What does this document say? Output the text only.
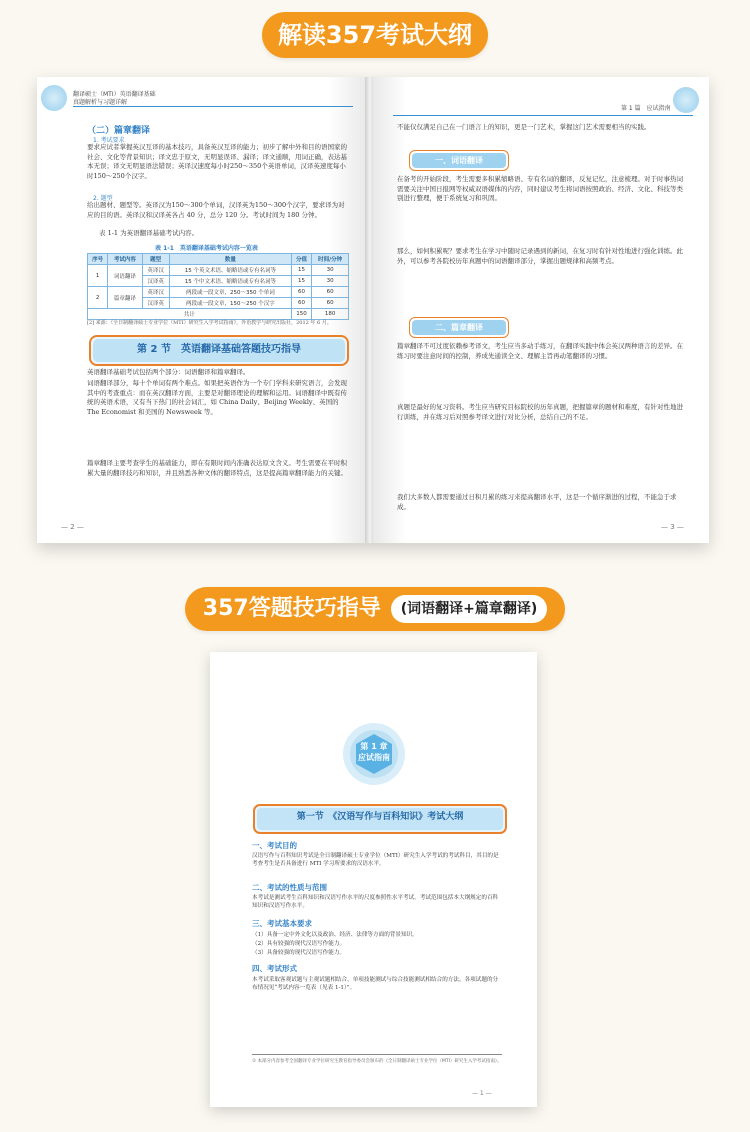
解读357考试大纲
翻译硕士（MTI）英语翻译基础
真题解析与习题详解
（二）篇章翻译
1. 考试要求
要求应试者掌握英汉互译的基本技巧，具备英汉互译的能力；初步了解中外和目的语国家的社会、文化等背景知识；译文忠于原文，无明显误译、漏译；译文通顺，用词正确，表达基本无误；译文无明显语法错误；英译汉速度每小时250～350个英语单词，汉译英速度每小时150～250个汉字。
2. 题型
给出题材、题型等。英译汉为150～300个单词，汉译英为150～300个汉字，要求译为对应的目的语。英译汉和汉译英各占 40 分，总分 120 分。考试时间为 180 分钟。
表 1-1 为英语翻译基础考试内容。
表 1-1　英语翻译基础考试内容一览表
序号	考试内容	题型	数量	分值	时间/分钟
1	词语翻译	英译汉	15 个英文术语、缩略语或专有名词等	15	30
		汉译英	15 个中文术语、缩略语或专有名词等	15	30
2	篇章翻译	英译汉	两段或一段文章，250～350 个单词	60	60
		汉译英	两段或一段文章，150～250 个汉字	60	60
共计				150	180
[2] 来源：《全日制翻译硕士专业学位（MTI）研究生入学考试指南》，外语教学与研究出版社，2012 年 6 月。
第 2 节　英语翻译基础答题技巧指导
英语翻译基础考试包括两个部分：词语翻译和篇章翻译。
词语翻译部分，每十个单词有两个难点。如果把英语作为一个专门学科来研究语言，会发现其中的考查重点：而在英汉翻译方面，主要是对翻译理论的理解和运用。词语翻译中既有传统的英语术语，又有当下热门的社会词汇，如 China Daily、Beijing Weekly、英国的 The Economist 和美国的 Newsweek 等。
篇章翻译主要考查学生的基础能力，即在有限时间内准确表达原文含义。考生需要在平时积累大量的翻译技巧和知识，并且熟悉各种文体的翻译特点，这是提高篇章翻译能力的关键。
— 2 —
第 1 篇　应试指南
不能仅仅满足自己在一门语言上的知识，更是一门艺术，掌握这门艺术需要相当的实践。
一、词语翻译
在备考的开始阶段，考生需要多积累缩略语、专有名词的翻译，反复记忆，注意梳理。对于时事热词需要关注中国日报网等权威双语媒体的内容，同时建议考生将词语按照政治、经济、文化、科技等类别进行整理，便于系统复习和巩固。
那么，如何积累呢？要求考生在学习中随时记录遇到的新词，在复习时有针对性地进行强化训练。此外，可以参考各院校历年真题中的词语翻译部分，掌握出题规律和高频考点。
二、篇章翻译
篇章翻译不可过度依赖参考译文，考生应当多动手练习，在翻译实践中体会英汉两种语言的差异。在练习时要注意时间的控制，养成先通读全文、理解主旨再动笔翻译的习惯。
真题是最好的复习资料。考生应当研究目标院校的历年真题，把握篇章的题材和难度，有针对性地进行训练，并在练习后对照参考译文进行对比分析，总结自己的不足。
我们大多数人都需要通过日积月累的练习来提高翻译水平，这是一个循序渐进的过程，不能急于求成。
— 3 —
357答题技巧指导 (词语翻译+篇章翻译)
第 1 章
应试指南
第一节　《汉语写作与百科知识》考试大纲
一、考试目的
汉语写作与百科知识考试是全日制翻译硕士专业学位（MTI）研究生入学考试的考试科目，其目的是考查考生是否具备进行 MTI 学习所要求的汉语水平。
二、考试的性质与范围
本考试是测试考生百科知识和汉语写作水平的尺度参照性水平考试。考试范围包括本大纲规定的百科知识和汉语写作水平。
三、考试基本要求
（1）具备一定中外文化以及政治、经济、法律等方面的背景知识。
（2）具有较强的现代汉语写作能力。
（3）具备较强的现代汉语写作能力。
四、考试形式
本考试采取客观试题与主观试题相结合，单项技能测试与综合技能测试相结合的方法。各项试题的分布情况见“考试内容一览表（见表 1-1）”。
① 本部分内容参考全国翻译专业学位研究生教育指导委员会颁布的《全日制翻译硕士专业学位（MTI）研究生入学考试指南》。
— 1 —
